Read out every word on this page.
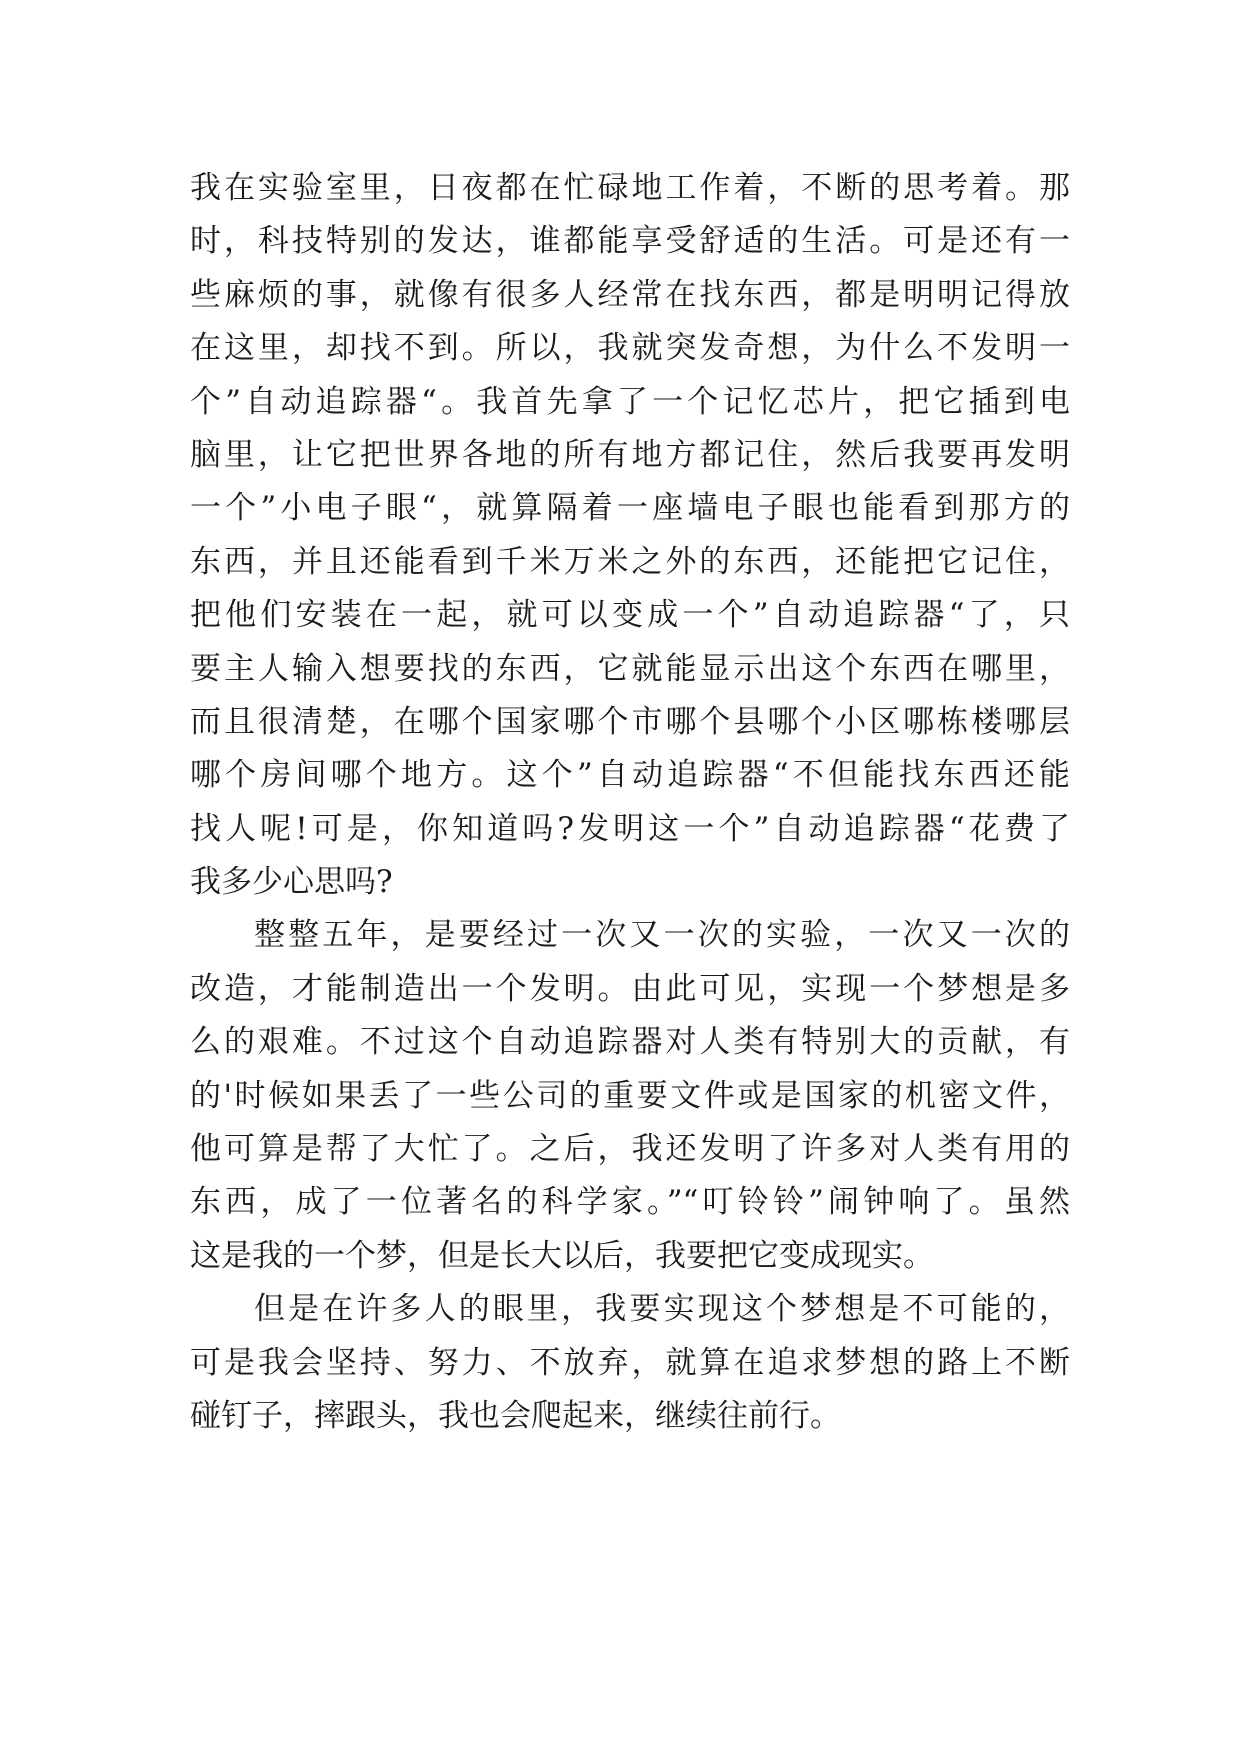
我在实验室里，日夜都在忙碌地工作着，不断的思考着。那
时，科技特别的发达，谁都能享受舒适的生活。可是还有一
些麻烦的事，就像有很多人经常在找东西，都是明明记得放
在这里，却找不到。所以，我就突发奇想，为什么不发明一
个”自动追踪器“。我首先拿了一个记忆芯片，把它插到电
脑里，让它把世界各地的所有地方都记住，然后我要再发明
一个”小电子眼“，就算隔着一座墙电子眼也能看到那方的
东西，并且还能看到千米万米之外的东西，还能把它记住，
把他们安装在一起，就可以变成一个”自动追踪器“了，只
要主人输入想要找的东西，它就能显示出这个东西在哪里，
而且很清楚，在哪个国家哪个市哪个县哪个小区哪栋楼哪层
哪个房间哪个地方。这个”自动追踪器“不但能找东西还能
找人呢!可是，你知道吗?发明这一个”自动追踪器“花费了
我多少心思吗?
整整五年，是要经过一次又一次的实验，一次又一次的
改造，才能制造出一个发明。由此可见，实现一个梦想是多
么的艰难。不过这个自动追踪器对人类有特别大的贡献，有
的'时候如果丢了一些公司的重要文件或是国家的机密文件，
他可算是帮了大忙了。之后，我还发明了许多对人类有用的
东西，成了一位著名的科学家。”“叮铃铃”闹钟响了。虽然
这是我的一个梦，但是长大以后，我要把它变成现实。
但是在许多人的眼里，我要实现这个梦想是不可能的，
可是我会坚持、努力、不放弃，就算在追求梦想的路上不断
碰钉子，摔跟头，我也会爬起来，继续往前行。
